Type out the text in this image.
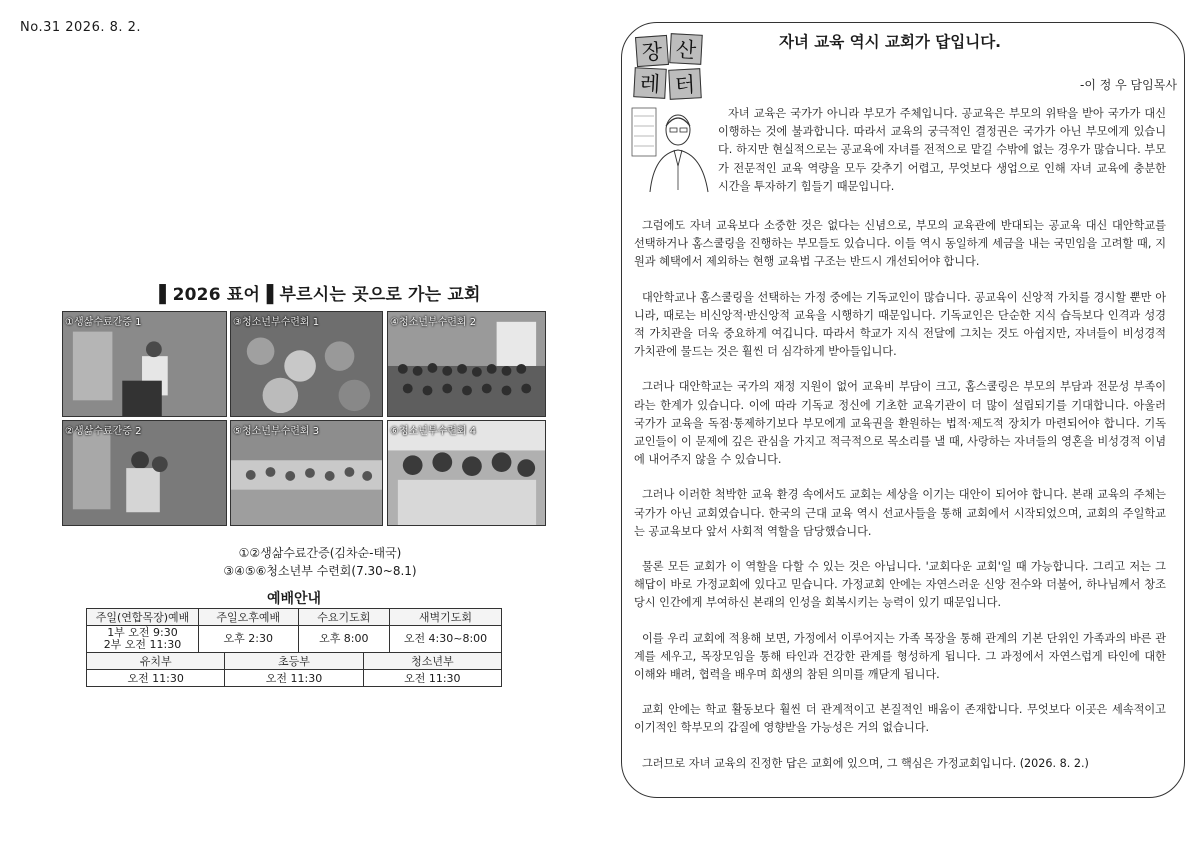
No.31 2026. 8. 2.
▌2026 표어▐ 부르시는 곳으로 가는 교회
①생삶수료간증 1	③청소년부수련회 1	④청소년부수련회 2
②생삶수료간증 2	⑤청소년부수련회 3	⑥청소년부수련회 4
①②생삶수료간증(김차순-태국)
③④⑤⑥청소년부 수련회(7.30~8.1)
예배안내
주일(연합목장)예배	주일오후예배	수요기도회	새벽기도회
1부 오전 9:30
2부 오전 11:30	오후 2:30	오후 8:00	오전 4:30~8:00
유치부	초등부	청소년부
오전 11:30	오전 11:30	오전 11:30
장 산
레 터
자녀 교육 역시 교회가 답입니다.
-이 정 우 담임목사

자녀 교육은 국가가 아니라 부모가 주체입니다. 공교육은 부모의 위탁을 받아 국가가 대신 이행하는 것에 불과합니다. 따라서 교육의 궁극적인 결정권은 국가가 아닌 부모에게 있습니다. 하지만 현실적으로는 공교육에 자녀를 전적으로 맡길 수밖에 없는 경우가 많습니다. 부모가 전문적인 교육 역량을 모두 갖추기 어렵고, 무엇보다 생업으로 인해 자녀 교육에 충분한 시간을 투자하기 힘들기 때문입니다.

그럼에도 자녀 교육보다 소중한 것은 없다는 신념으로, 부모의 교육관에 반대되는 공교육 대신 대안학교를 선택하거나 홈스쿨링을 진행하는 부모들도 있습니다. 이들 역시 동일하게 세금을 내는 국민임을 고려할 때, 지원과 혜택에서 제외하는 현행 교육법 구조는 반드시 개선되어야 합니다.

대안학교나 홈스쿨링을 선택하는 가정 중에는 기독교인이 많습니다. 공교육이 신앙적 가치를 경시할 뿐만 아니라, 때로는 비신앙적·반신앙적 교육을 시행하기 때문입니다. 기독교인은 단순한 지식 습득보다 인격과 성경적 가치관을 더욱 중요하게 여깁니다. 따라서 학교가 지식 전달에 그치는 것도 아쉽지만, 자녀들이 비성경적 가치관에 물드는 것은 훨씬 더 심각하게 받아들입니다.

그러나 대안학교는 국가의 재정 지원이 없어 교육비 부담이 크고, 홈스쿨링은 부모의 부담과 전문성 부족이라는 한계가 있습니다. 이에 따라 기독교 정신에 기초한 교육기관이 더 많이 설립되기를 기대합니다. 아울러 국가가 교육을 독점·통제하기보다 부모에게 교육권을 환원하는 법적·제도적 장치가 마련되어야 합니다. 기독교인들이 이 문제에 깊은 관심을 가지고 적극적으로 목소리를 낼 때, 사랑하는 자녀들의 영혼을 비성경적 이념에 내어주지 않을 수 있습니다.

그러나 이러한 척박한 교육 환경 속에서도 교회는 세상을 이기는 대안이 되어야 합니다. 본래 교육의 주체는 국가가 아닌 교회였습니다. 한국의 근대 교육 역시 선교사들을 통해 교회에서 시작되었으며, 교회의 주일학교는 공교육보다 앞서 사회적 역할을 담당했습니다.

물론 모든 교회가 이 역할을 다할 수 있는 것은 아닙니다. '교회다운 교회'일 때 가능합니다. 그리고 저는 그 해답이 바로 가정교회에 있다고 믿습니다. 가정교회 안에는 자연스러운 신앙 전수와 더불어, 하나님께서 창조 당시 인간에게 부여하신 본래의 인성을 회복시키는 능력이 있기 때문입니다.

이를 우리 교회에 적용해 보면, 가정에서 이루어지는 가족 목장을 통해 관계의 기본 단위인 가족과의 바른 관계를 세우고, 목장모임을 통해 타인과 건강한 관계를 형성하게 됩니다. 그 과정에서 자연스럽게 타인에 대한 이해와 배려, 협력을 배우며 희생의 참된 의미를 깨닫게 됩니다.

교회 안에는 학교 활동보다 훨씬 더 관계적이고 본질적인 배움이 존재합니다. 무엇보다 이곳은 세속적이고 이기적인 학부모의 갑질에 영향받을 가능성은 거의 없습니다.

그러므로 자녀 교육의 진정한 답은 교회에 있으며, 그 핵심은 가정교회입니다. (2026. 8. 2.)
